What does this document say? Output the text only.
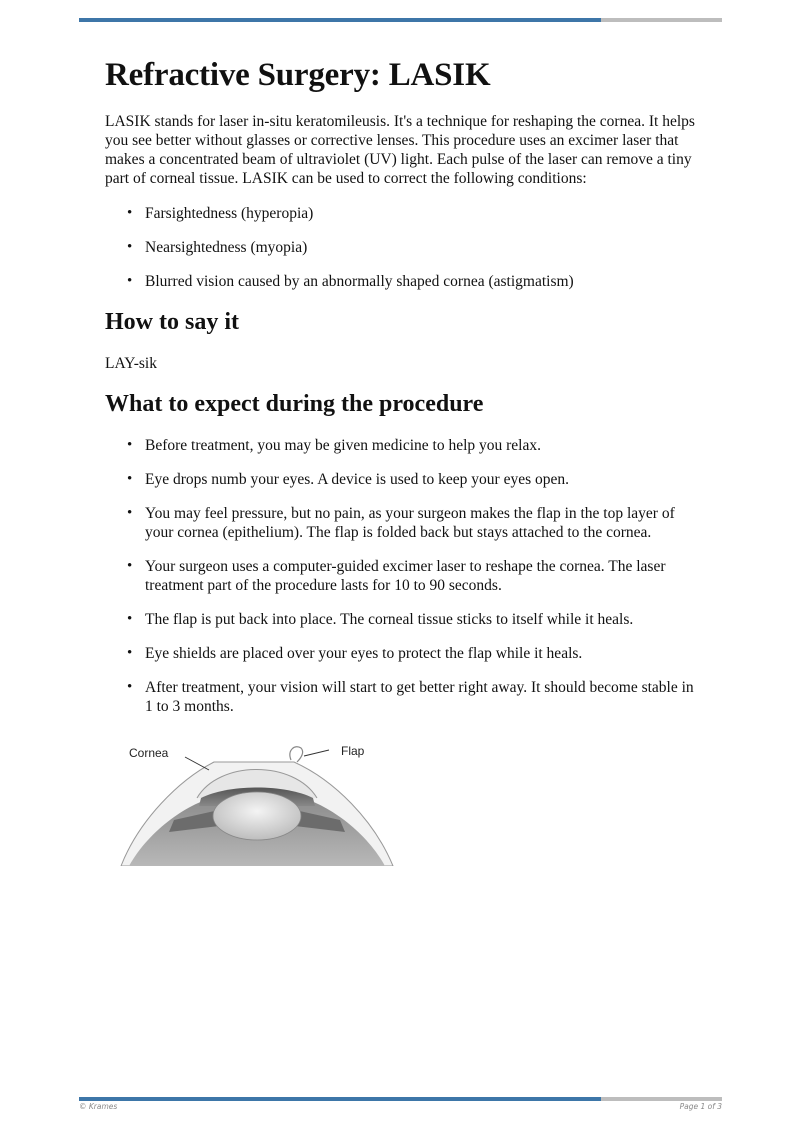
Refractive Surgery: LASIK

LASIK stands for laser in-situ keratomileusis. It's a technique for reshaping the cornea. It helps you see better without glasses or corrective lenses. This procedure uses an excimer laser that makes a concentrated beam of ultraviolet (UV) light. Each pulse of the laser can remove a tiny part of corneal tissue. LASIK can be used to correct the following conditions:

• Farsightedness (hyperopia)
• Nearsightedness (myopia)
• Blurred vision caused by an abnormally shaped cornea (astigmatism)
How to say it

LAY-sik

What to expect during the procedure
• Before treatment, you may be given medicine to help you relax.
• Eye drops numb your eyes. A device is used to keep your eyes open.
• You may feel pressure, but no pain, as your surgeon makes the flap in the top layer of your cornea (epithelium). The flap is folded back but stays attached to the cornea.
• Your surgeon uses a computer-guided excimer laser to reshape the cornea. The laser treatment part of the procedure lasts for 10 to 90 seconds.
• The flap is put back into place. The corneal tissue sticks to itself while it heals.
• Eye shields are placed over your eyes to protect the flap while it heals.
• After treatment, your vision will start to get better right away. It should become stable in 1 to 3 months.
Cornea	Flap
© Krames	Page 1 of 3
